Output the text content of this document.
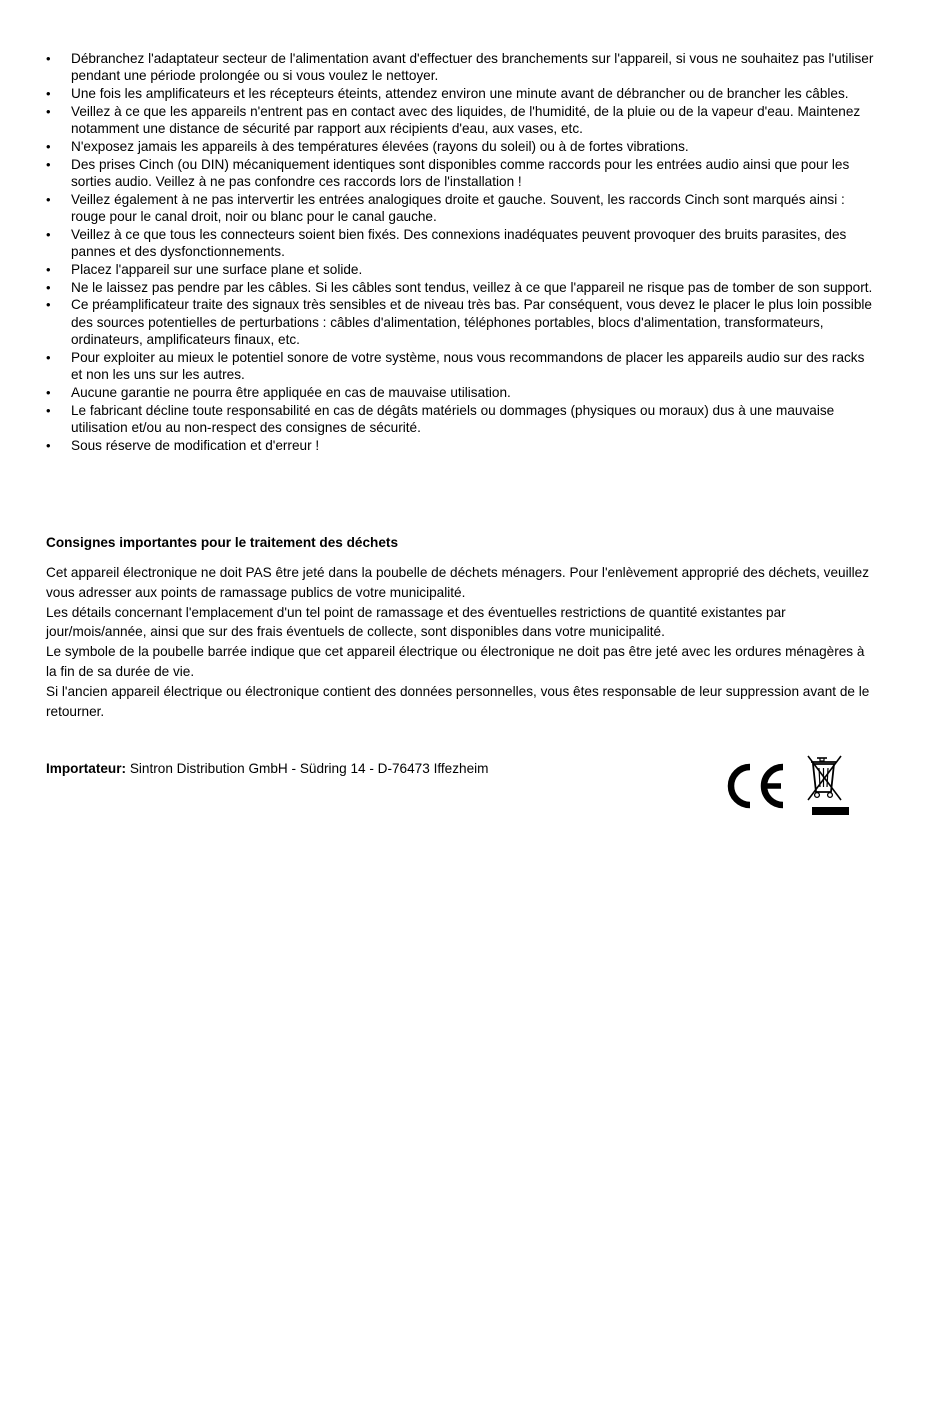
• Débranchez l'adaptateur secteur de l'alimentation avant d'effectuer des branchements sur l'appareil, si vous ne souhaitez pas l'utiliser pendant une période prolongée ou si vous voulez le nettoyer.
• Une fois les amplificateurs et les récepteurs éteints, attendez environ une minute avant de débrancher ou de brancher les câbles.
• Veillez à ce que les appareils n'entrent pas en contact avec des liquides, de l'humidité, de la pluie ou de la vapeur d'eau. Maintenez notamment une distance de sécurité par rapport aux récipients d'eau, aux vases, etc.
• N'exposez jamais les appareils à des températures élevées (rayons du soleil) ou à de fortes vibrations.
• Des prises Cinch (ou DIN) mécaniquement identiques sont disponibles comme raccords pour les entrées audio ainsi que pour les sorties audio. Veillez à ne pas confondre ces raccords lors de l'installation !
• Veillez également à ne pas intervertir les entrées analogiques droite et gauche. Souvent, les raccords Cinch sont marqués ainsi : rouge pour le canal droit, noir ou blanc pour le canal gauche.
• Veillez à ce que tous les connecteurs soient bien fixés. Des connexions inadéquates peuvent provoquer des bruits parasites, des pannes et des dysfonctionnements.
• Placez l'appareil sur une surface plane et solide.
• Ne le laissez pas pendre par les câbles. Si les câbles sont tendus, veillez à ce que l'appareil ne risque pas de tomber de son support.
• Ce préamplificateur traite des signaux très sensibles et de niveau très bas. Par conséquent, vous devez le placer le plus loin possible des sources potentielles de perturbations : câbles d'alimentation, téléphones portables, blocs d'alimentation, transformateurs, ordinateurs, amplificateurs finaux, etc.
• Pour exploiter au mieux le potentiel sonore de votre système, nous vous recommandons de placer les appareils audio sur des racks et non les uns sur les autres.
• Aucune garantie ne pourra être appliquée en cas de mauvaise utilisation.
• Le fabricant décline toute responsabilité en cas de dégâts matériels ou dommages (physiques ou moraux) dus à une mauvaise utilisation et/ou au non-respect des consignes de sécurité.
• Sous réserve de modification et d'erreur !
Consignes importantes pour le traitement des déchets

Cet appareil électronique ne doit PAS être jeté dans la poubelle de déchets ménagers. Pour l'enlèvement approprié des déchets, veuillez vous adresser aux points de ramassage publics de votre municipalité.

Les détails concernant l'emplacement d'un tel point de ramassage et des éventuelles restrictions de quantité existantes par jour/mois/année, ainsi que sur des frais éventuels de collecte, sont disponibles dans votre municipalité.

Le symbole de la poubelle barrée indique que cet appareil électrique ou électronique ne doit pas être jeté avec les ordures ménagères à la fin de sa durée de vie.

Si l'ancien appareil électrique ou électronique contient des données personnelles, vous êtes responsable de leur suppression avant de le retourner.

Importateur: Sintron Distribution GmbH - Südring 14 - D-76473 Iffezheim
